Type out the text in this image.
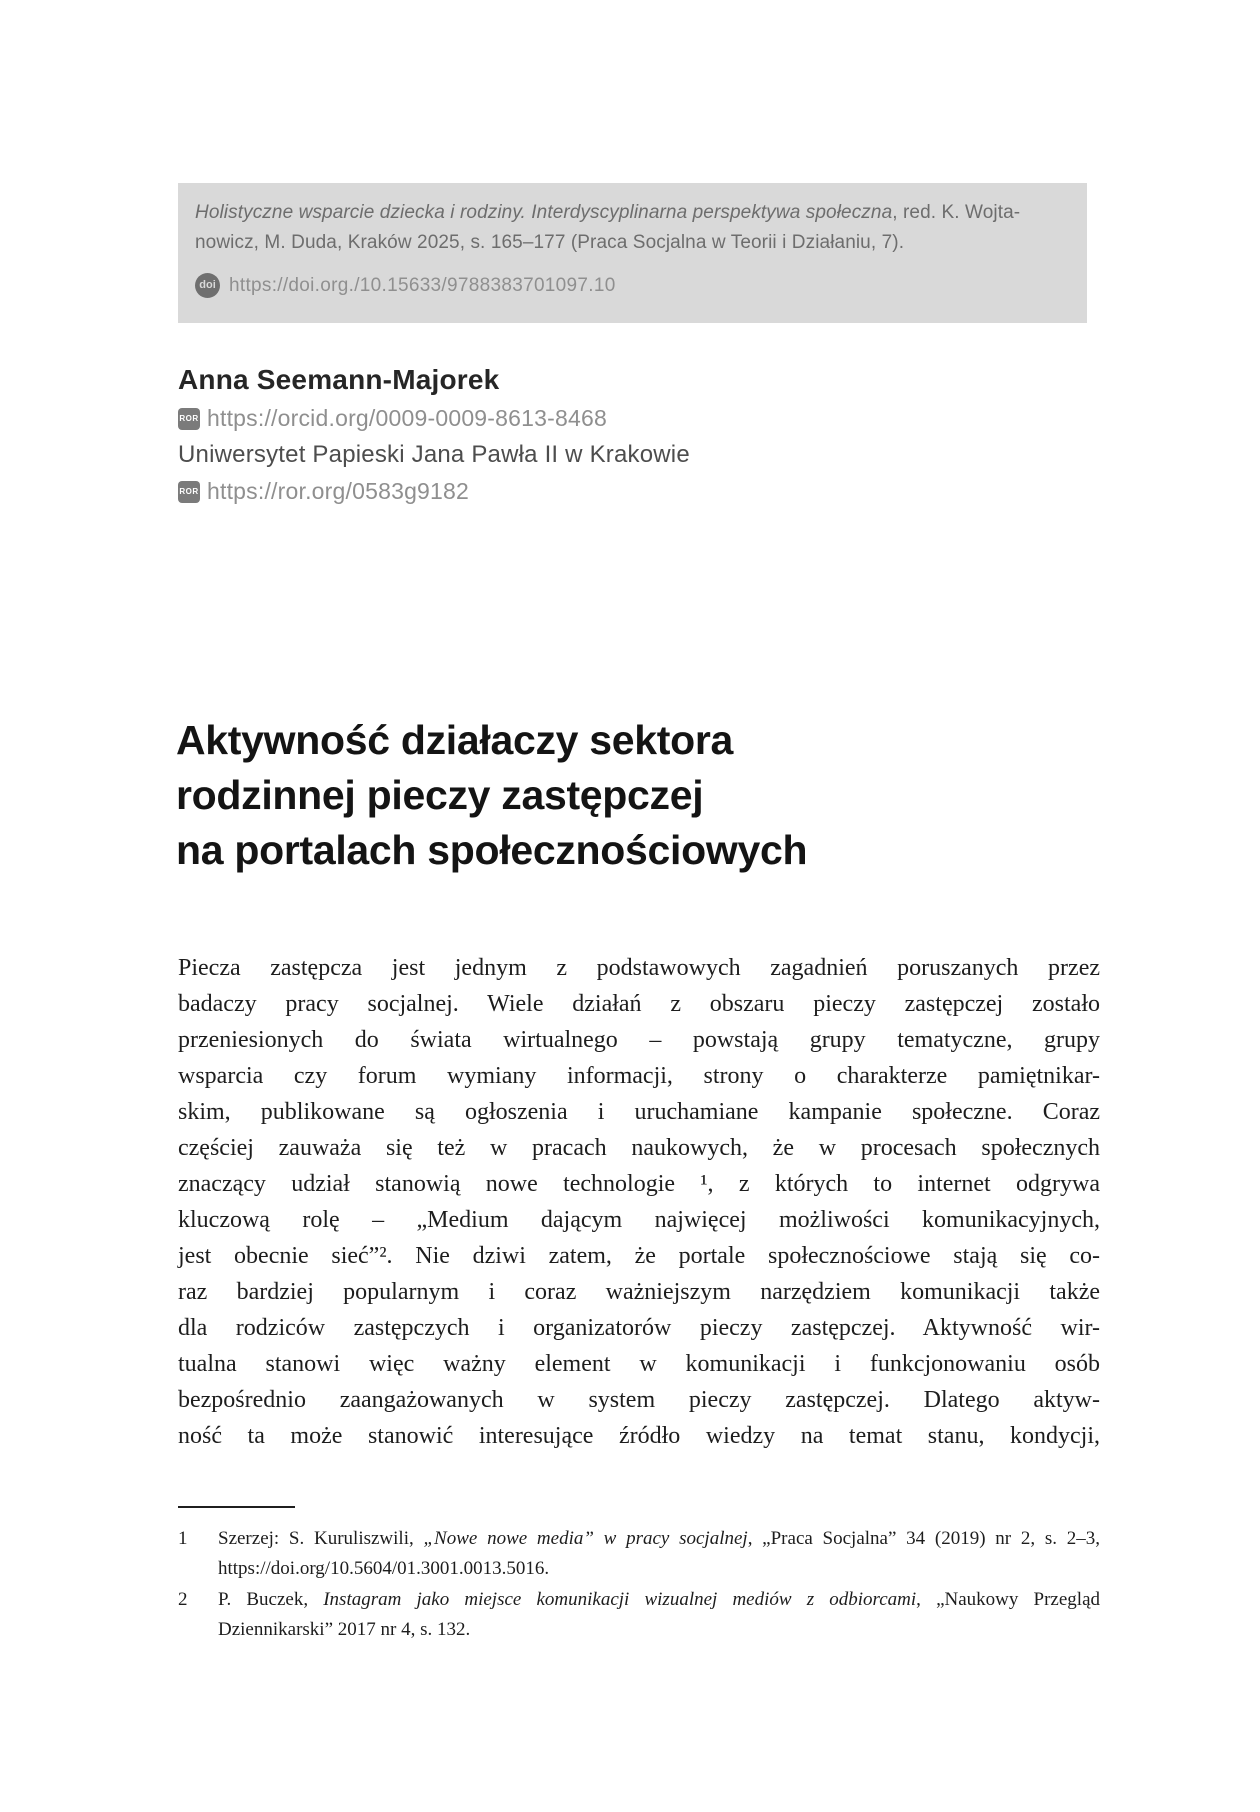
Holistyczne wsparcie dziecka i rodziny. Interdyscyplinarna perspektywa społeczna, red. K. Wojta-
nowicz, M. Duda, Kraków 2025, s. 165–177 (Praca Socjalna w Teorii i Działaniu, 7).
doi https://doi.org./10.15633/9788383701097.10
Anna Seemann-Majorek
ROR https://orcid.org/0009-0009-8613-8468
Uniwersytet Papieski Jana Pawła II w Krakowie
ROR https://ror.org/0583g9182
Aktywność działaczy sektora
rodzinnej pieczy zastępczej
na portalach społecznościowych
Piecza zastępcza jest jednym z podstawowych zagadnień poruszanych przez
badaczy pracy socjalnej. Wiele działań z obszaru pieczy zastępczej zostało
przeniesionych do świata wirtualnego – powstają grupy tematyczne, grupy
wsparcia czy forum wymiany informacji, strony o charakterze pamiętnikar-
skim, publikowane są ogłoszenia i uruchamiane kampanie społeczne. Coraz
częściej zauważa się też w pracach naukowych, że w procesach społecznych
znaczący udział stanowią nowe technologie ¹, z których to internet odgrywa
kluczową rolę – „Medium dającym najwięcej możliwości komunikacyjnych,
jest obecnie sieć”². Nie dziwi zatem, że portale społecznościowe stają się co-
raz bardziej popularnym i coraz ważniejszym narzędziem komunikacji także
dla rodziców zastępczych i organizatorów pieczy zastępczej. Aktywność wir-
tualna stanowi więc ważny element w komunikacji i funkcjonowaniu osób
bezpośrednio zaangażowanych w system pieczy zastępczej. Dlatego aktyw-
ność ta może stanowić interesujące źródło wiedzy na temat stanu, kondycji,
1	Szerzej: S. Kuruliszwili, „Nowe nowe media” w pracy socjalnej, „Praca Socjalna” 34 (2019) nr 2, s. 2–3, https://doi.org/10.5604/01.3001.0013.5016.
2	P. Buczek, Instagram jako miejsce komunikacji wizualnej mediów z odbiorcami, „Naukowy Przegląd Dziennikarski” 2017 nr 4, s. 132.
